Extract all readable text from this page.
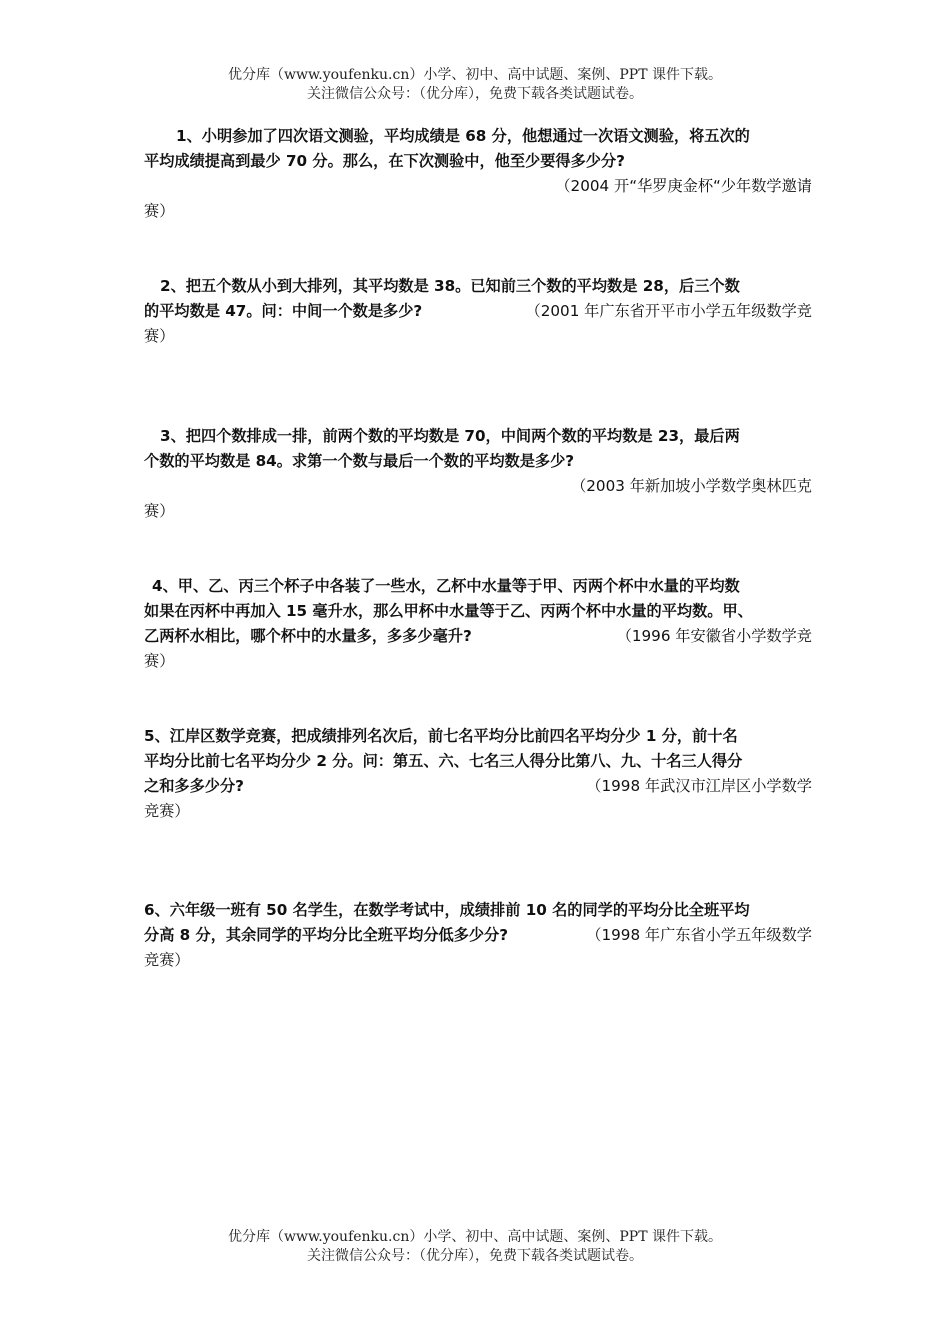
优分库（www.youfenku.cn）小学、初中、高中试题、案例、PPT 课件下载。
关注微信公众号：（优分库），免费下载各类试题试卷。
1、小明参加了四次语文测验，平均成绩是 68 分，他想通过一次语文测验，将五次的
平均成绩提高到最少 70 分。那么，在下次测验中，他至少要得多少分?
（2004 开“华罗庚金杯“少年数学邀请
赛）
2、把五个数从小到大排列，其平均数是 38。已知前三个数的平均数是 28，后三个数
的平均数是 47。问：中间一个数是多少?	（2001 年广东省开平市小学五年级数学竞
赛）
3、把四个数排成一排，前两个数的平均数是 70，中间两个数的平均数是 23，最后两
个数的平均数是 84。求第一个数与最后一个数的平均数是多少?
（2003 年新加坡小学数学奥林匹克
赛）
4、甲、乙、丙三个杯子中各装了一些水，乙杯中水量等于甲、丙两个杯中水量的平均数
如果在丙杯中再加入 15 毫升水，那么甲杯中水量等于乙、丙两个杯中水量的平均数。甲、
乙两杯水相比，哪个杯中的水量多，多多少毫升?	（1996 年安徽省小学数学竞
赛）
5、江岸区数学竞赛，把成绩排列名次后，前七名平均分比前四名平均分少 1 分，前十名
平均分比前七名平均分少 2 分。问：第五、六、七名三人得分比第八、九、十名三人得分
之和多多少分?	（1998 年武汉市江岸区小学数学
竞赛）
6、六年级一班有 50 名学生，在数学考试中，成绩排前 10 名的同学的平均分比全班平均
分高 8 分，其余同学的平均分比全班平均分低多少分?	（1998 年广东省小学五年级数学
竞赛）
优分库（www.youfenku.cn）小学、初中、高中试题、案例、PPT 课件下载。
关注微信公众号：（优分库），免费下载各类试题试卷。
